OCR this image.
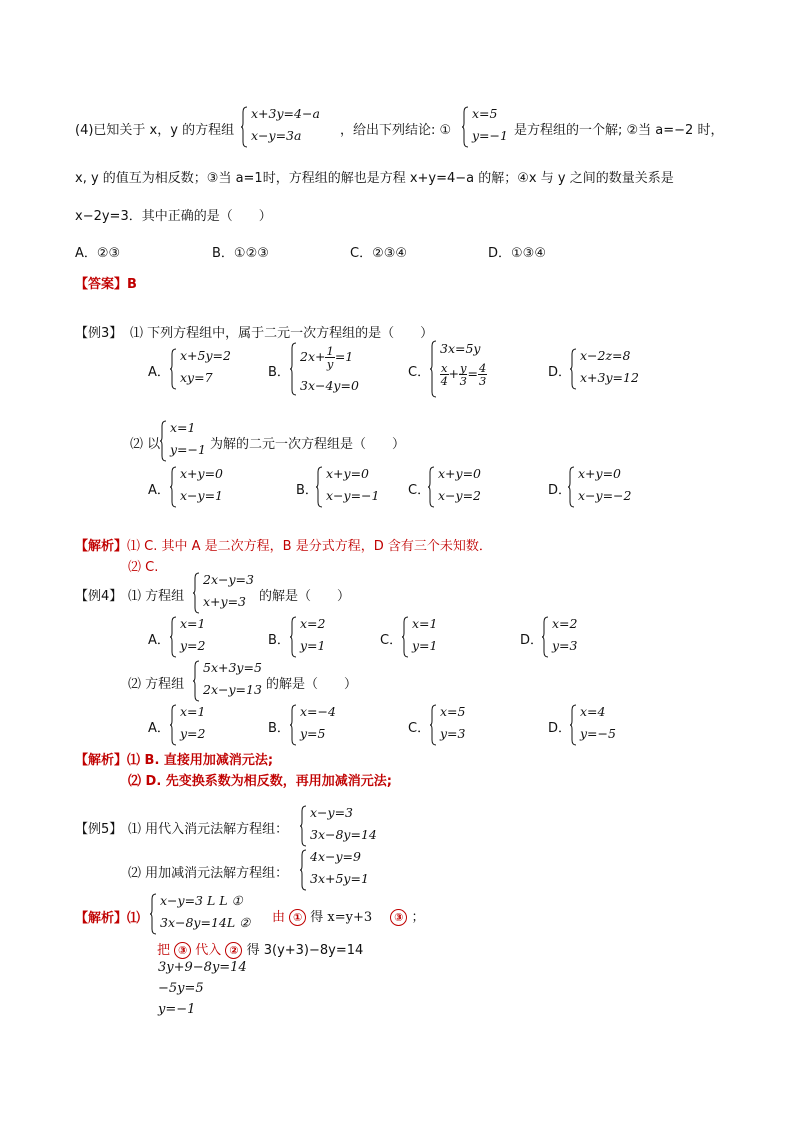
(4)已知关于 x，y 的方程组
x+3y=4−a
x−y=3a	，给出下列结论: ①
x=5
y=−1 是方程组的一个解; ②当 a=−2 时，
x, y 的值互为相反数；③当 a=1时，方程组的解也是方程 x+y=4−a 的解；④x 与 y 之间的数量关系是
x−2y=3．其中正确的是（　　）
A．②③	B．①②③	C．②③④	D．①③④
【答案】B
【例3】 ⑴ 下列方程组中，属于二元一次方程组的是（　　）
A．
x+5y=2
xy=7	B．
$2x+ \frac{1}{y}=1$
3x−4y=0
C．
3x=5y
$\frac{x}{4}+ \frac{y}{3}= \frac{4}{3}$	D．
x−2z=8
x+3y=12
⑵ 以
x=1
y=−1 为解的二元一次方程组是（　　）
A．
x+y=0
x−y=1	B．
x+y=0
x−y=−1 C．
x+y=0
x−y=2	D．
x+y=0
x−y=−2
【解析】⑴ C. 其中 A 是二次方程，B 是分式方程，D 含有三个未知数．
⑵ C.
【例4】 ⑴ 方程组
2x−y=3
x+y=3 的解是（　　）
A．
x=1
y=2	B．
x=2
y=1	C．
x=1
y=1	D．
x=2
y=3
⑵ 方程组
5x+3y=5
2x−y=13 的解是（　　）
A．
x=1
y=2	B．
x=−4
y=5	C．
x=5
y=3	D．
x=4
y=−5
【解析】⑴ B. 直接用加减消元法;
⑵ D. 先变换系数为相反数，再用加减消元法;
【例5】 ⑴ 用代入消元法解方程组：
x−y=3
3x−8y=14
⑵ 用加减消元法解方程组：
4x−y=9
3x+5y=1
【解析】⑴
x−y=3 L L ①
3x−8y=14L ② 由 ① 得 x=y+3 ③ ；
把 ③ 代入 ② 得 3(y+3)−8y=14
3y+9−8y=14
−5y=5
y=−1
